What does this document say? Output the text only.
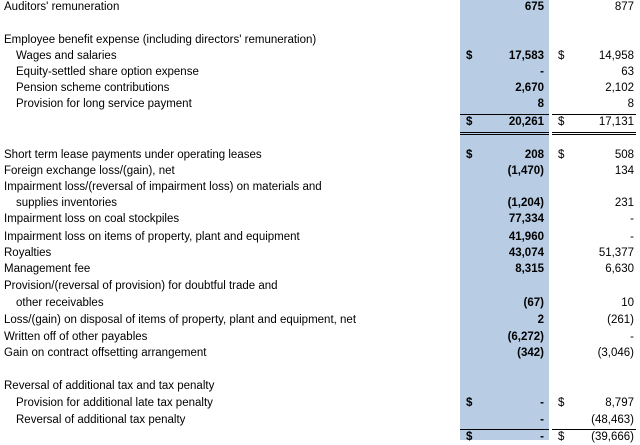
Auditors' remuneration	675	877
Employee benefit expense (including directors' remuneration)
Wages and salaries	$	17,583 $	14,958
Equity-settled share option expense	-	63
Pension scheme contributions	2,670	2,102
Provision for long service payment	8	8
$	20,261 $	17,131
Short term lease payments under operating leases	$	208 $	508
Foreign exchange loss/(gain), net	(1,470)	134
Impairment loss/(reversal of impairment loss) on materials and
supplies inventories	(1,204)	231
Impairment loss on coal stockpiles	77,334	-
Impairment loss on items of property, plant and equipment	41,960	-
Royalties	43,074	51,377
Management fee	8,315	6,630
Provision/(reversal of provision) for doubtful trade and
other receivables	(67)	10
Loss/(gain) on disposal of items of property, plant and equipment, net	2	(261)
Written off of other payables	(6,272)	-
Gain on contract offsetting arrangement	(342)	(3,046)
Reversal of additional tax and tax penalty
Provision for additional late tax penalty	$	- $	8,797
Reversal of additional tax penalty	-	(48,463)
$	- $ (39,666)
